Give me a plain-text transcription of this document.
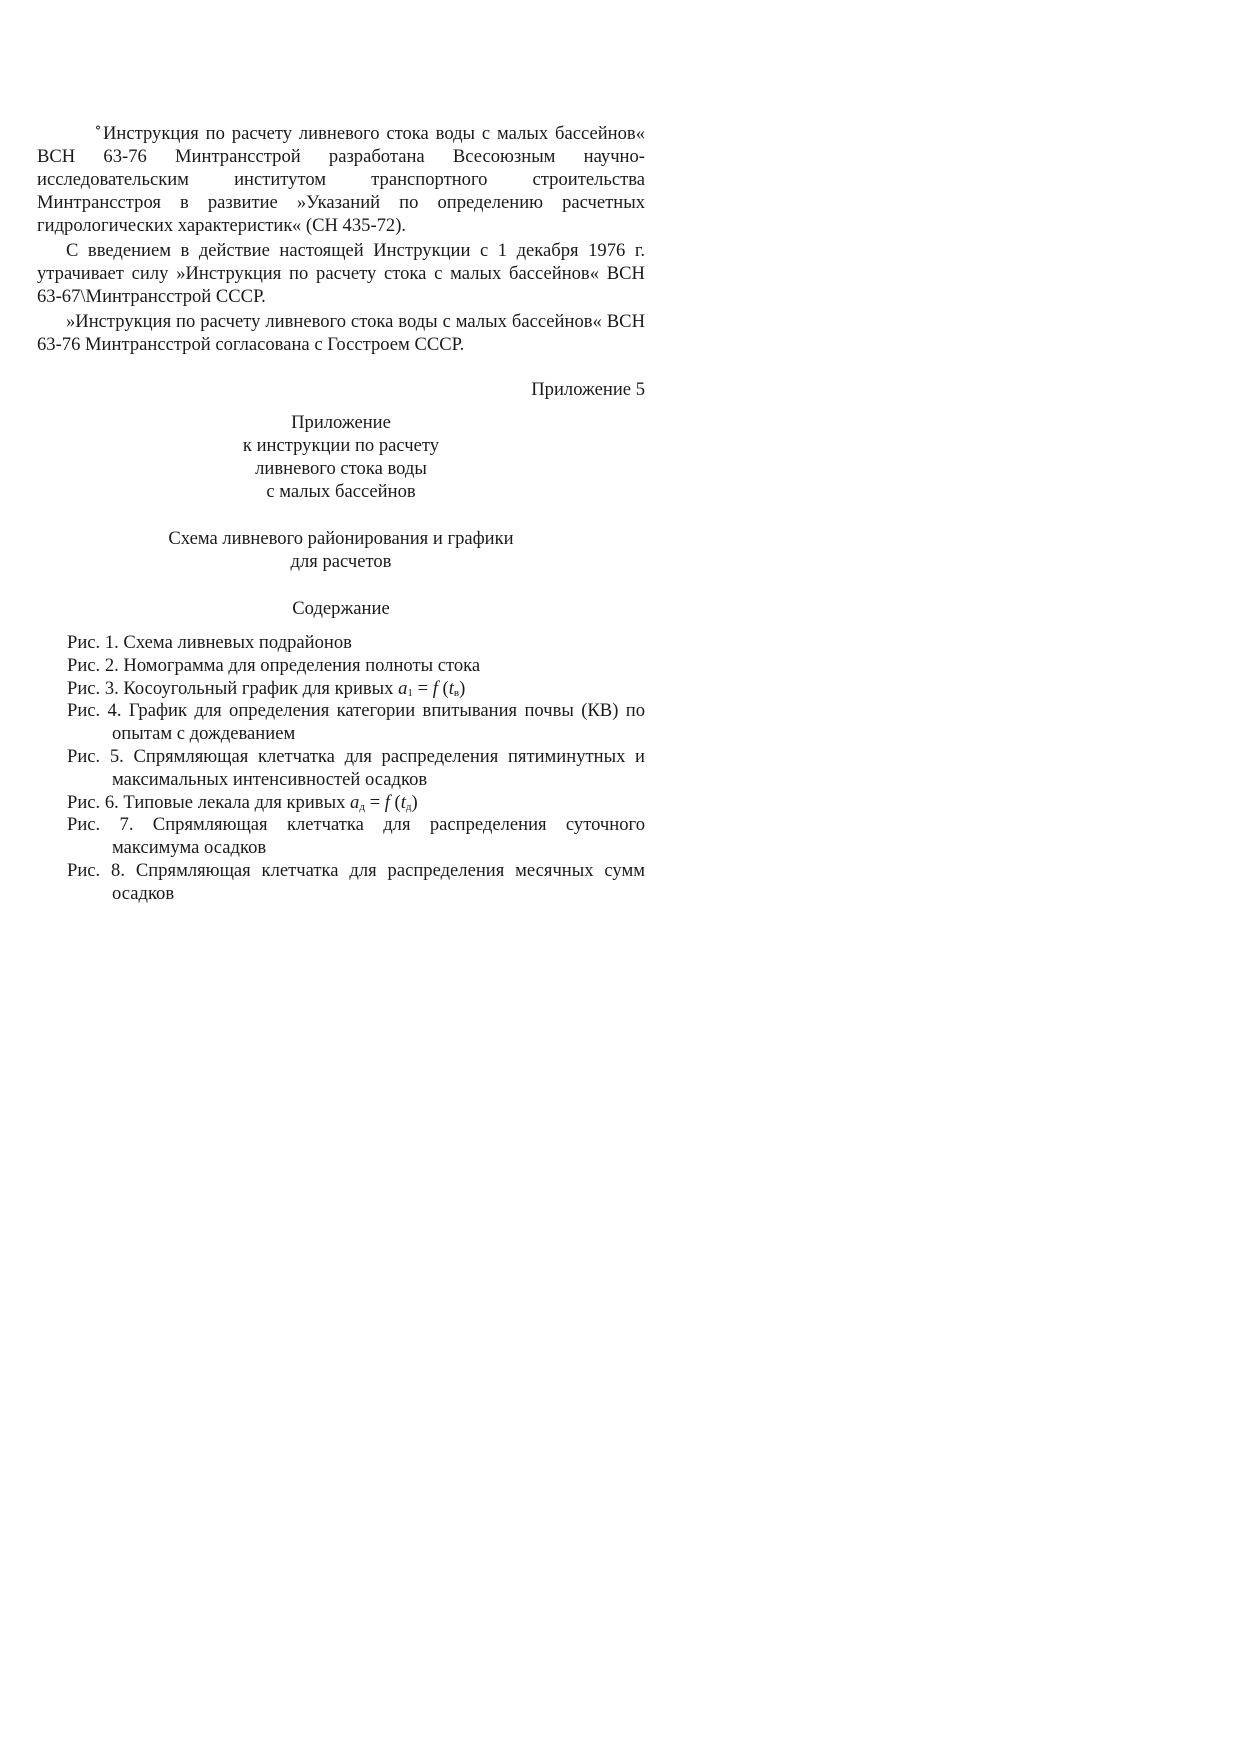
° Инструкция по расчету ливневого стока воды с малых бассейнов« ВСН 63-76 Минтрансстрой разработана Всесоюзным научно-исследовательским институтом транспортного строительства Минтрансстроя в развитие »Указаний по определению расчетных гидрологических характеристик« (СН 435-72).

С введением в действие настоящей Инструкции с 1 декабря 1976 г. утрачивает силу »Инструкция по расчету стока с малых бассейнов« ВСН 63-67\Минтрансстрой СССР.

»Инструкция по расчету ливневого стока воды с малых бассейнов« ВСН 63-76 Минтрансстрой согласована с Госстроем СССР.

Приложение 5
Приложение
к инструкции по расчету
ливневого стока воды
с малых бассейнов
Схема ливневого районирования и графики
для расчетов
Содержание
Рис. 1. Схема ливневых подрайонов
Рис. 2. Номограмма для определения полноты стока
Рис. 3. Косоугольный график для кривых $a_1 = f$ $(t_в)$
Рис. 4. График для определения категории впитывания почвы (КВ) по опытам с дождеванием
Рис. 5. Спрямляющая клетчатка для распределения пятиминутных и максимальных интенсивностей осадков
Рис. 6. Типовые лекала для кривых $a_д = f$ $(t_д)$
Рис. 7. Спрямляющая клетчатка для распределения суточного максимума осадков
Рис. 8. Спрямляющая клетчатка для распределения месячных сумм осадков
